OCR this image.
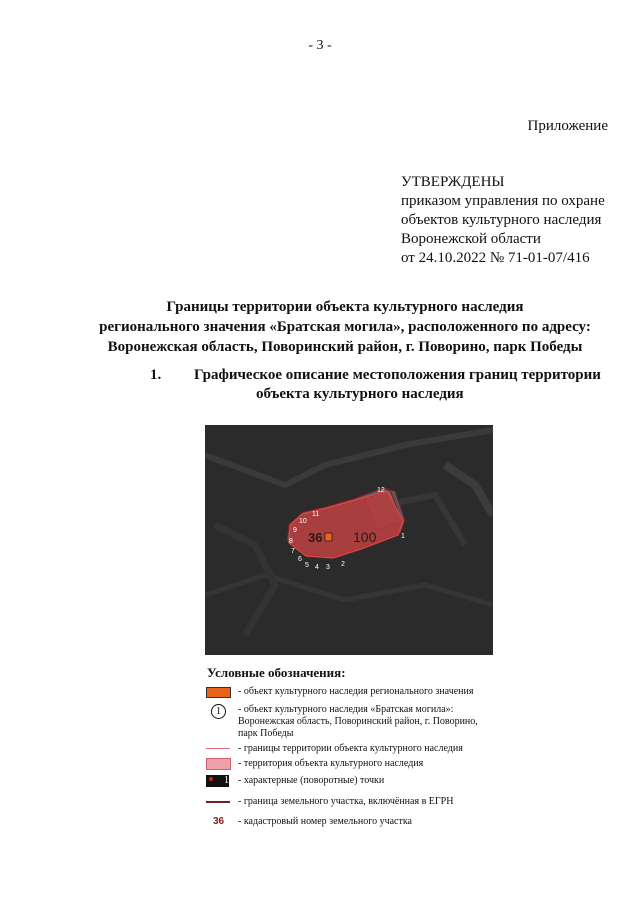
- 3 -
Приложение
УТВЕРЖДЕНЫ
приказом управления по охране
объектов культурного наследия
Воронежской области
от 24.10.2022 № 71-01-07/416
Границы территории объекта культурного наследия
регионального значения «Братская могила», расположенного по адресу:
Воронежская область, Поворинский район, г. Поворино, парк Победы
1. Графическое описание местоположения границ территории
объекта культурного наследия
36 100	1
2
3
4
5
6
7
8
9
10
11
12
Условные обозначения:
- объект культурного наследия регионального значения
1	- объект культурного наследия «Братская могила»:
Воронежская область, Поворинский район, г. Поворино,
парк Победы
- границы территории объекта культурного наследия
- территория объекта культурного наследия
1 - характерные (поворотные) точки
- граница земельного участка, включённая в ЕГРН
36 - кадастровый номер земельного участка
